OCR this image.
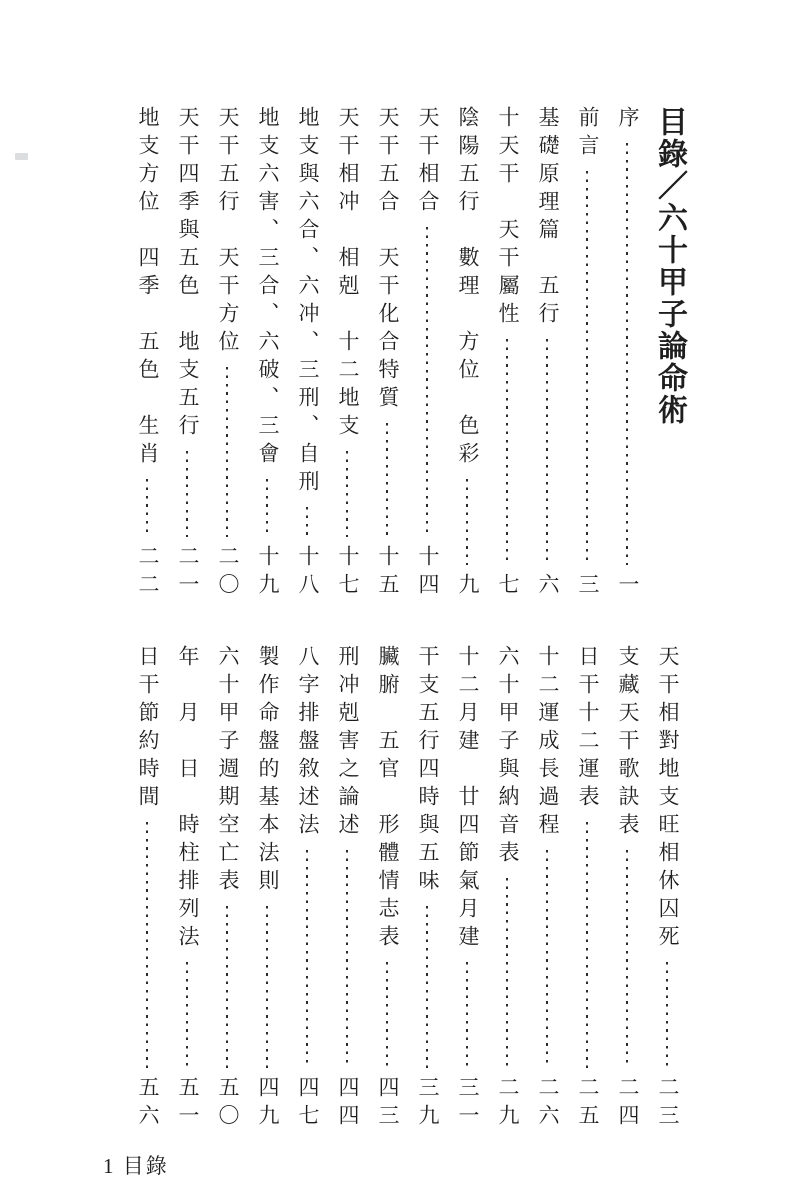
目錄／六十甲子論命術
序
一
前言
三
基礎原理篇　五行
六
十天干　天干屬性
七
陰陽五行　數理　方位　色彩
九
天干相合
十四
天干五合　天干化合特質
十五
天干相冲　相剋　十二地支
十七
地支與六合、六冲、三刑、自刑
十八
地支六害、三合、六破、三會
十九
天干五行　天干方位
二〇
天干四季與五色　地支五行
二一
地支方位　四季　五色　生肖
二二
天干相對地支旺相休囚死
二三
支藏天干歌訣表
二四
日干十二運表
二五
十二運成長過程
二六
六十甲子與納音表
二九
十二月建　廿四節氣月建
三一
干支五行四時與五味
三九
臟腑　五官　形體情志表
四三
刑冲剋害之論述
四四
八字排盤敘述法
四七
製作命盤的基本法則
四九
六十甲子週期空亡表
五〇
年　月　日　時柱排列法
五一
日干節約時間
五六
1 目錄
